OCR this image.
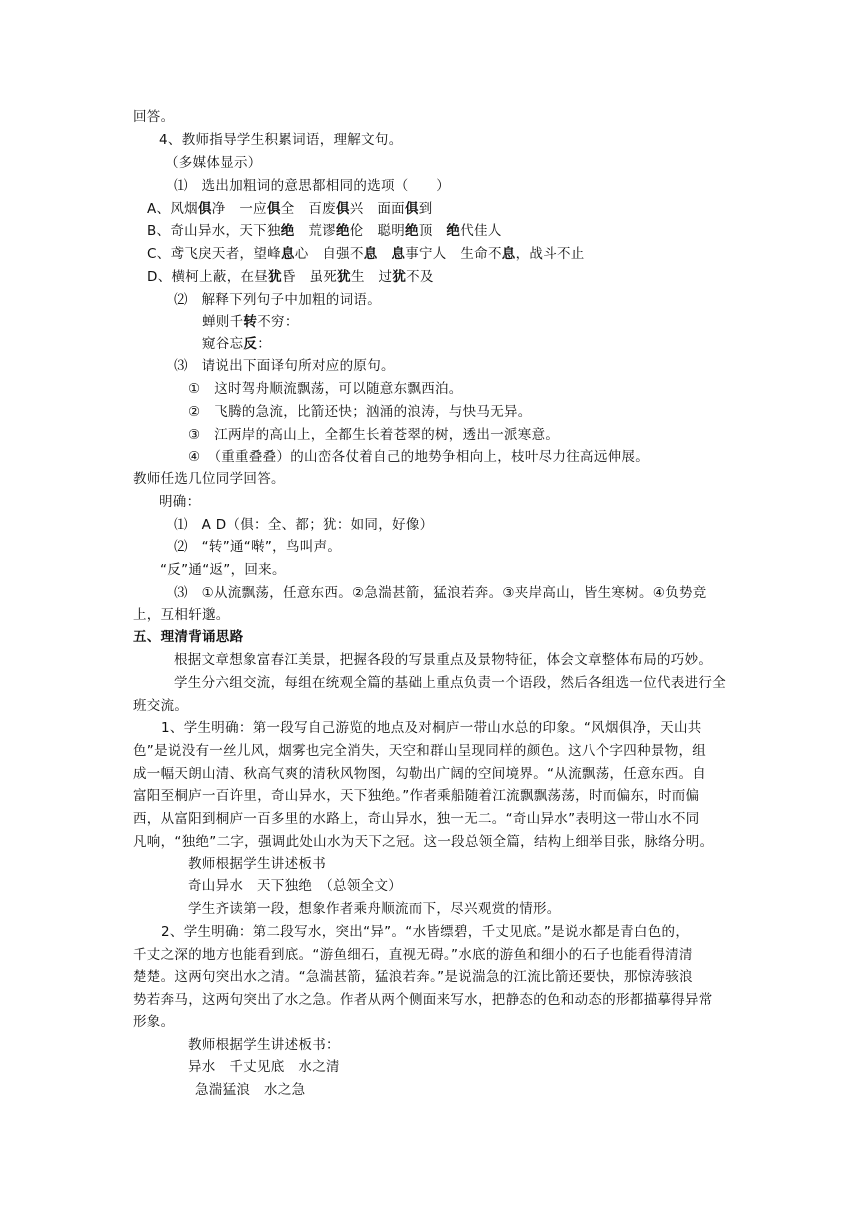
回答。
4、教师指导学生积累词语，理解文句。
（多媒体显示）
⑴　选出加粗词的意思都相同的选项（　　）
A、风烟俱净　一应俱全　百废俱兴　面面俱到
B、奇山异水，天下独绝　荒谬绝伦　聪明绝顶　绝代佳人
C、鸢飞戾天者，望峰息心　自强不息　 息事宁人　生命不息，战斗不止
D、横柯上蔽，在昼犹昏　虽死犹生　过犹不及
⑵　解释下列句子中加粗的词语。
蝉则千转不穷：
窥谷忘反：
⑶　请说出下面译句所对应的原句。
①　这时驾舟顺流飘荡，可以随意东飘西泊。
②　飞腾的急流，比箭还快；汹涌的浪涛，与快马无异。
③　江两岸的高山上，全都生长着苍翠的树，透出一派寒意。
④　（重重叠叠）的山峦各仗着自己的地势争相向上，枝叶尽力往高远伸展。
教师任选几位同学回答。
明确：
⑴　A D（俱：全、都；犹：如同，好像）
⑵　“转”通“啭”，鸟叫声。
“反”通“返”，回来。
⑶　①从流飘荡，任意东西。②急湍甚箭，猛浪若奔。③夹岸高山，皆生寒树。④负势竞
上，互相轩邈。
五、理清背诵思路
根据文章想象富春江美景，把握各段的写景重点及景物特征，体会文章整体布局的巧妙。
学生分六组交流，每组在统观全篇的基础上重点负责一个语段，然后各组选一位代表进行全
班交流。
1、学生明确：第一段写自己游览的地点及对桐庐一带山水总的印象。“风烟俱净，天山共
色”是说没有一丝儿风，烟雾也完全消失，天空和群山呈现同样的颜色。这八个字四种景物，组
成一幅天朗山清、秋高气爽的清秋风物图，勾勒出广阔的空间境界。“从流飘荡，任意东西。自
富阳至桐庐一百许里，奇山异水，天下独绝。”作者乘船随着江流飘飘荡荡，时而偏东，时而偏
西，从富阳到桐庐一百多里的水路上，奇山异水，独一无二。“奇山异水”表明这一带山水不同
凡响，“独绝”二字，强调此处山水为天下之冠。这一段总领全篇，结构上细举目张，脉络分明。
教师根据学生讲述板书
奇山异水　天下独绝　（总领全文）
学生齐读第一段，想象作者乘舟顺流而下，尽兴观赏的情形。
2、学生明确：第二段写水，突出“异”。“水皆缥碧，千丈见底。”是说水都是青白色的，
千丈之深的地方也能看到底。“游鱼细石，直视无碍。”水底的游鱼和细小的石子也能看得清清
楚楚。这两句突出水之清。“急湍甚箭，猛浪若奔。”是说湍急的江流比箭还要快，那惊涛骇浪
势若奔马，这两句突出了水之急。作者从两个侧面来写水，把静态的色和动态的形都描摹得异常
形象。
教师根据学生讲述板书：
异水　千丈见底　水之清
急湍猛浪　水之急
